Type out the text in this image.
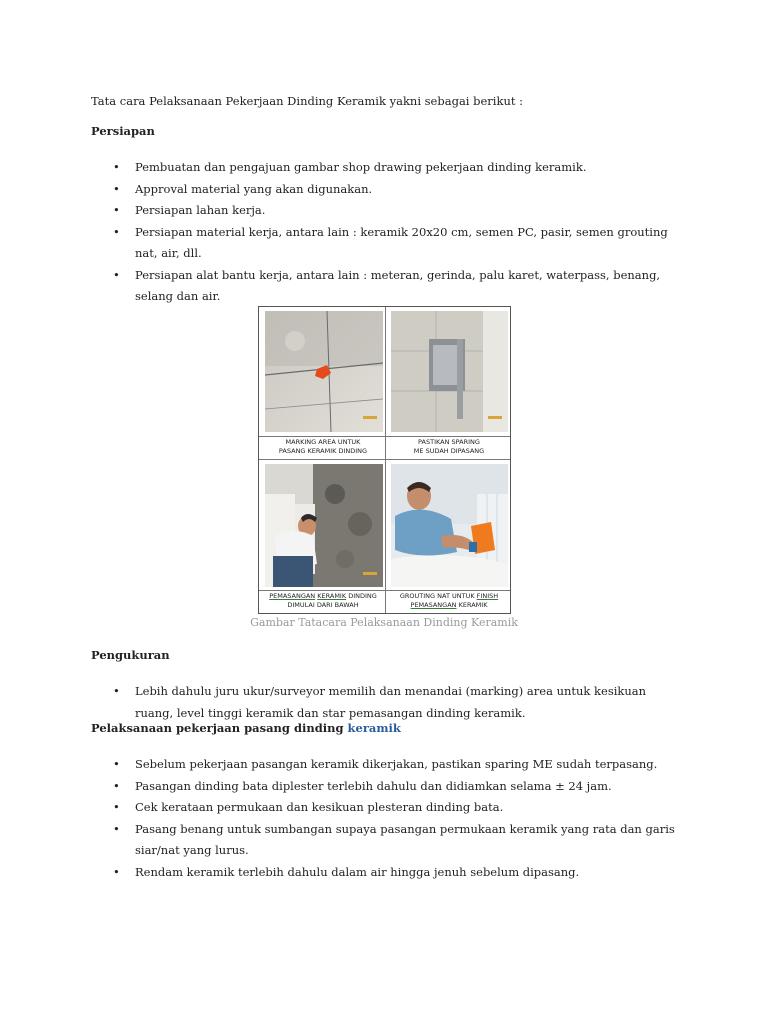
Tata cara Pelaksanaan Pekerjaan Dinding Keramik yakni sebagai berikut :
Persiapan
• Pembuatan dan pengajuan gambar shop drawing pekerjaan dinding keramik.
• Approval material yang akan digunakan.
• Persiapan lahan kerja.
• Persiapan material kerja, antara lain : keramik 20x20 cm, semen PC, pasir, semen grouting nat, air, dll.
• Persiapan alat bantu kerja, antara lain : meteran, gerinda, palu karet, waterpass, benang, selang dan air.
MARKING AREA UNTUK
PASANG KERAMIK DINDING
PASTIKAN SPARING
ME SUDAH DIPASANG
PEMASANGAN KERAMIK DINDING
DIMULAI DARI BAWAH
GROUTING NAT UNTUK FINISH
PEMASANGAN KERAMIK
Gambar Tatacara Pelaksanaan Dinding Keramik
Pengukuran
• Lebih dahulu juru ukur/surveyor memilih dan menandai (marking) area untuk kesikuan ruang, level tinggi keramik dan star pemasangan dinding keramik.
Pelaksanaan pekerjaan pasang dinding keramik
• Sebelum pekerjaan pasangan keramik dikerjakan, pastikan sparing ME sudah terpasang.
• Pasangan dinding bata diplester terlebih dahulu dan didiamkan selama ± 24 jam.
• Cek kerataan permukaan dan kesikuan plesteran dinding bata.
• Pasang benang untuk sumbangan supaya pasangan permukaan keramik yang rata dan garis siar/nat yang lurus.
• Rendam keramik terlebih dahulu dalam air hingga jenuh sebelum dipasang.
